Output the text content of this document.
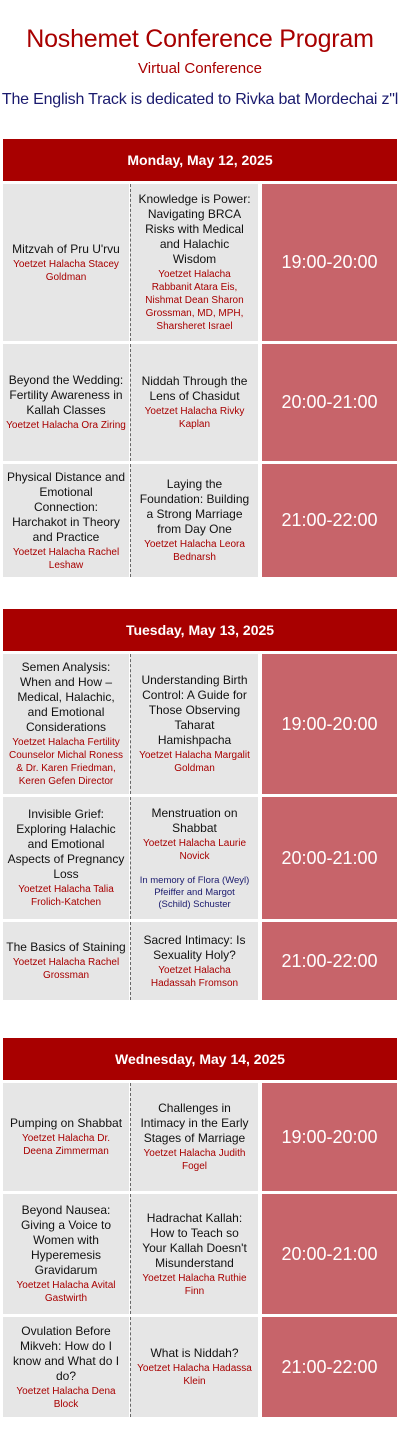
Noshemet Conference Program
Virtual Conference
The English Track is dedicated to Rivka bat Mordechai z"l
Monday, May 12, 2025
Mitzvah of Pru U'rvu
Yoetzet Halacha Stacey Goldman
Knowledge is Power: Navigating BRCA Risks with Medical and Halachic Wisdom
Yoetzet Halacha Rabbanit Atara Eis, Nishmat Dean Sharon Grossman, MD, MPH, Sharsheret Israel
19:00-20:00
Beyond the Wedding: Fertility Awareness in Kallah Classes
Yoetzet Halacha Ora Ziring
Niddah Through the Lens of Chasidut
Yoetzet Halacha Rivky Kaplan
20:00-21:00
Physical Distance and Emotional Connection: Harchakot in Theory and Practice
Yoetzet Halacha Rachel Leshaw
Laying the Foundation: Building a Strong Marriage from Day One
Yoetzet Halacha Leora Bednarsh
21:00-22:00
Tuesday, May 13, 2025
Semen Analysis: When and How – Medical, Halachic, and Emotional Considerations
Yoetzet Halacha Fertility Counselor Michal Roness & Dr. Karen Friedman, Keren Gefen Director
Understanding Birth Control: A Guide for Those Observing Taharat Hamishpacha
Yoetzet Halacha Margalit Goldman
19:00-20:00
Invisible Grief: Exploring Halachic and Emotional Aspects of Pregnancy Loss
Yoetzet Halacha Talia Frolich-Katchen
Menstruation on Shabbat
Yoetzet Halacha Laurie Novick
In memory of Flora (Weyl) Pfeiffer and Margot (Schild) Schuster
20:00-21:00
The Basics of Staining
Yoetzet Halacha Rachel Grossman
Sacred Intimacy: Is Sexuality Holy?
Yoetzet Halacha Hadassah Fromson
21:00-22:00
Wednesday, May 14, 2025
Pumping on Shabbat
Yoetzet Halacha Dr. Deena Zimmerman
Challenges in Intimacy in the Early Stages of Marriage
Yoetzet Halacha Judith Fogel
19:00-20:00
Beyond Nausea: Giving a Voice to Women with Hyperemesis Gravidarum
Yoetzet Halacha Avital Gastwirth
Hadrachat Kallah: How to Teach so Your Kallah Doesn't Misunderstand
Yoetzet Halacha Ruthie Finn
20:00-21:00
Ovulation Before Mikveh: How do I know and What do I do?
Yoetzet Halacha Dena Block
What is Niddah?
Yoetzet Halacha Hadassa Klein
21:00-22:00
